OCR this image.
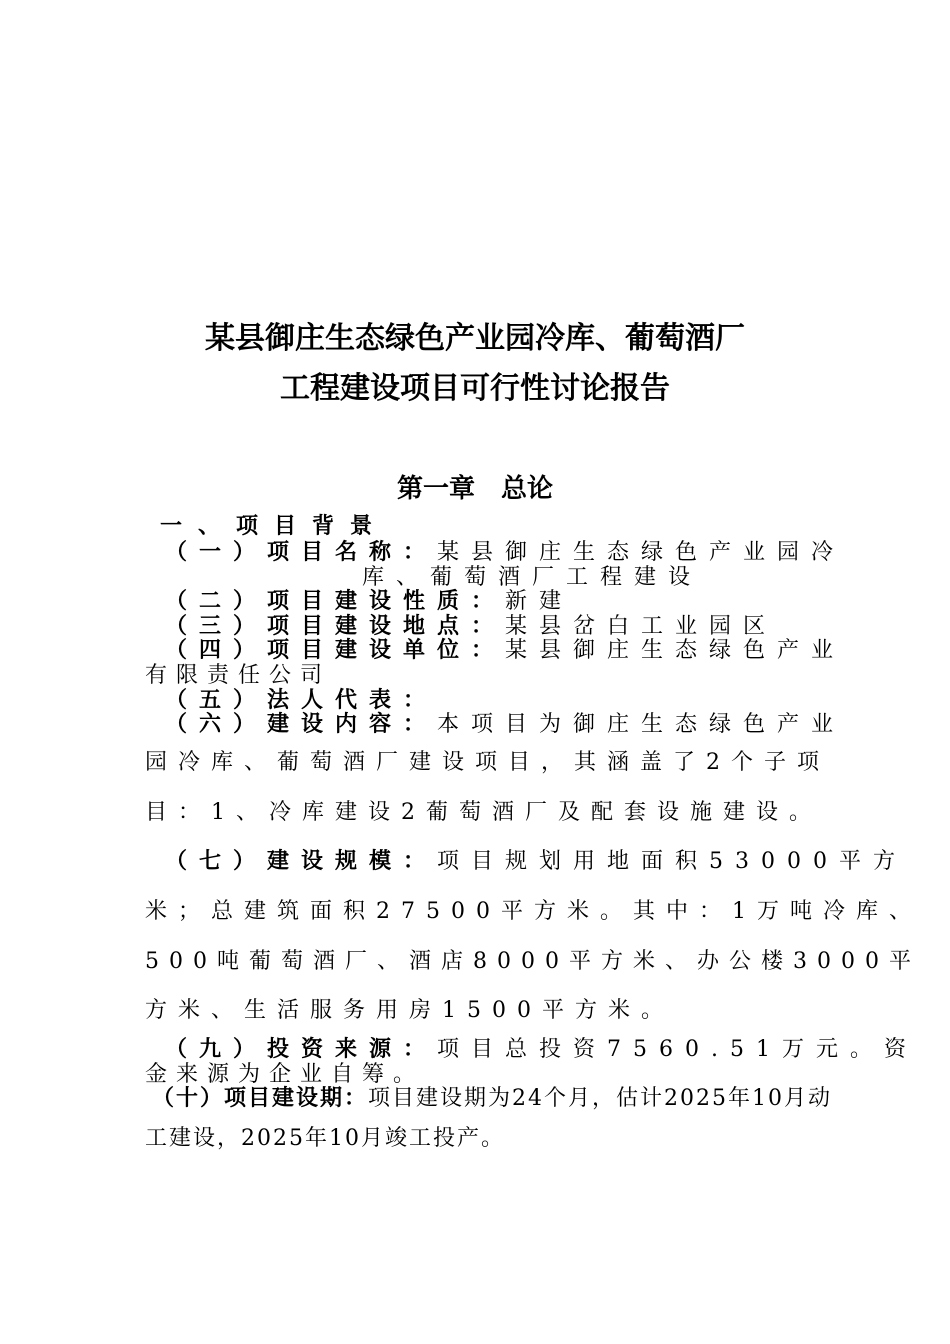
某县御庄生态绿色产业园冷库、葡萄酒厂
工程建设项目可行性讨论报告
第一章　总论
一、项目背景
（一）项目名称：某县御庄生态绿色产业园冷
库、葡萄酒厂工程建设
（二）项目建设性质：新建
（三）项目建设地点：某县岔白工业园区
（四）项目建设单位：某县御庄生态绿色产业
有限责任公司
（五）法人代表：
（六）建设内容：本项目为御庄生态绿色产业
园冷库、葡萄酒厂建设项目，其涵盖了2个子项
目：1、冷库建设2葡萄酒厂及配套设施建设。
（七）建设规模：项目规划用地面积53000平方
米；总建筑面积27500平方米。其中：1万吨冷库、
500吨葡萄酒厂、酒店8000平方米、办公楼3000平
方米、生活服务用房1500平方米。
（九）投资来源：项目总投资7560.51万元。资
金来源为企业自筹。
（十）项目建设期：项目建设期为24个月，估计2025年10月动
工建设，2025年10月竣工投产。
